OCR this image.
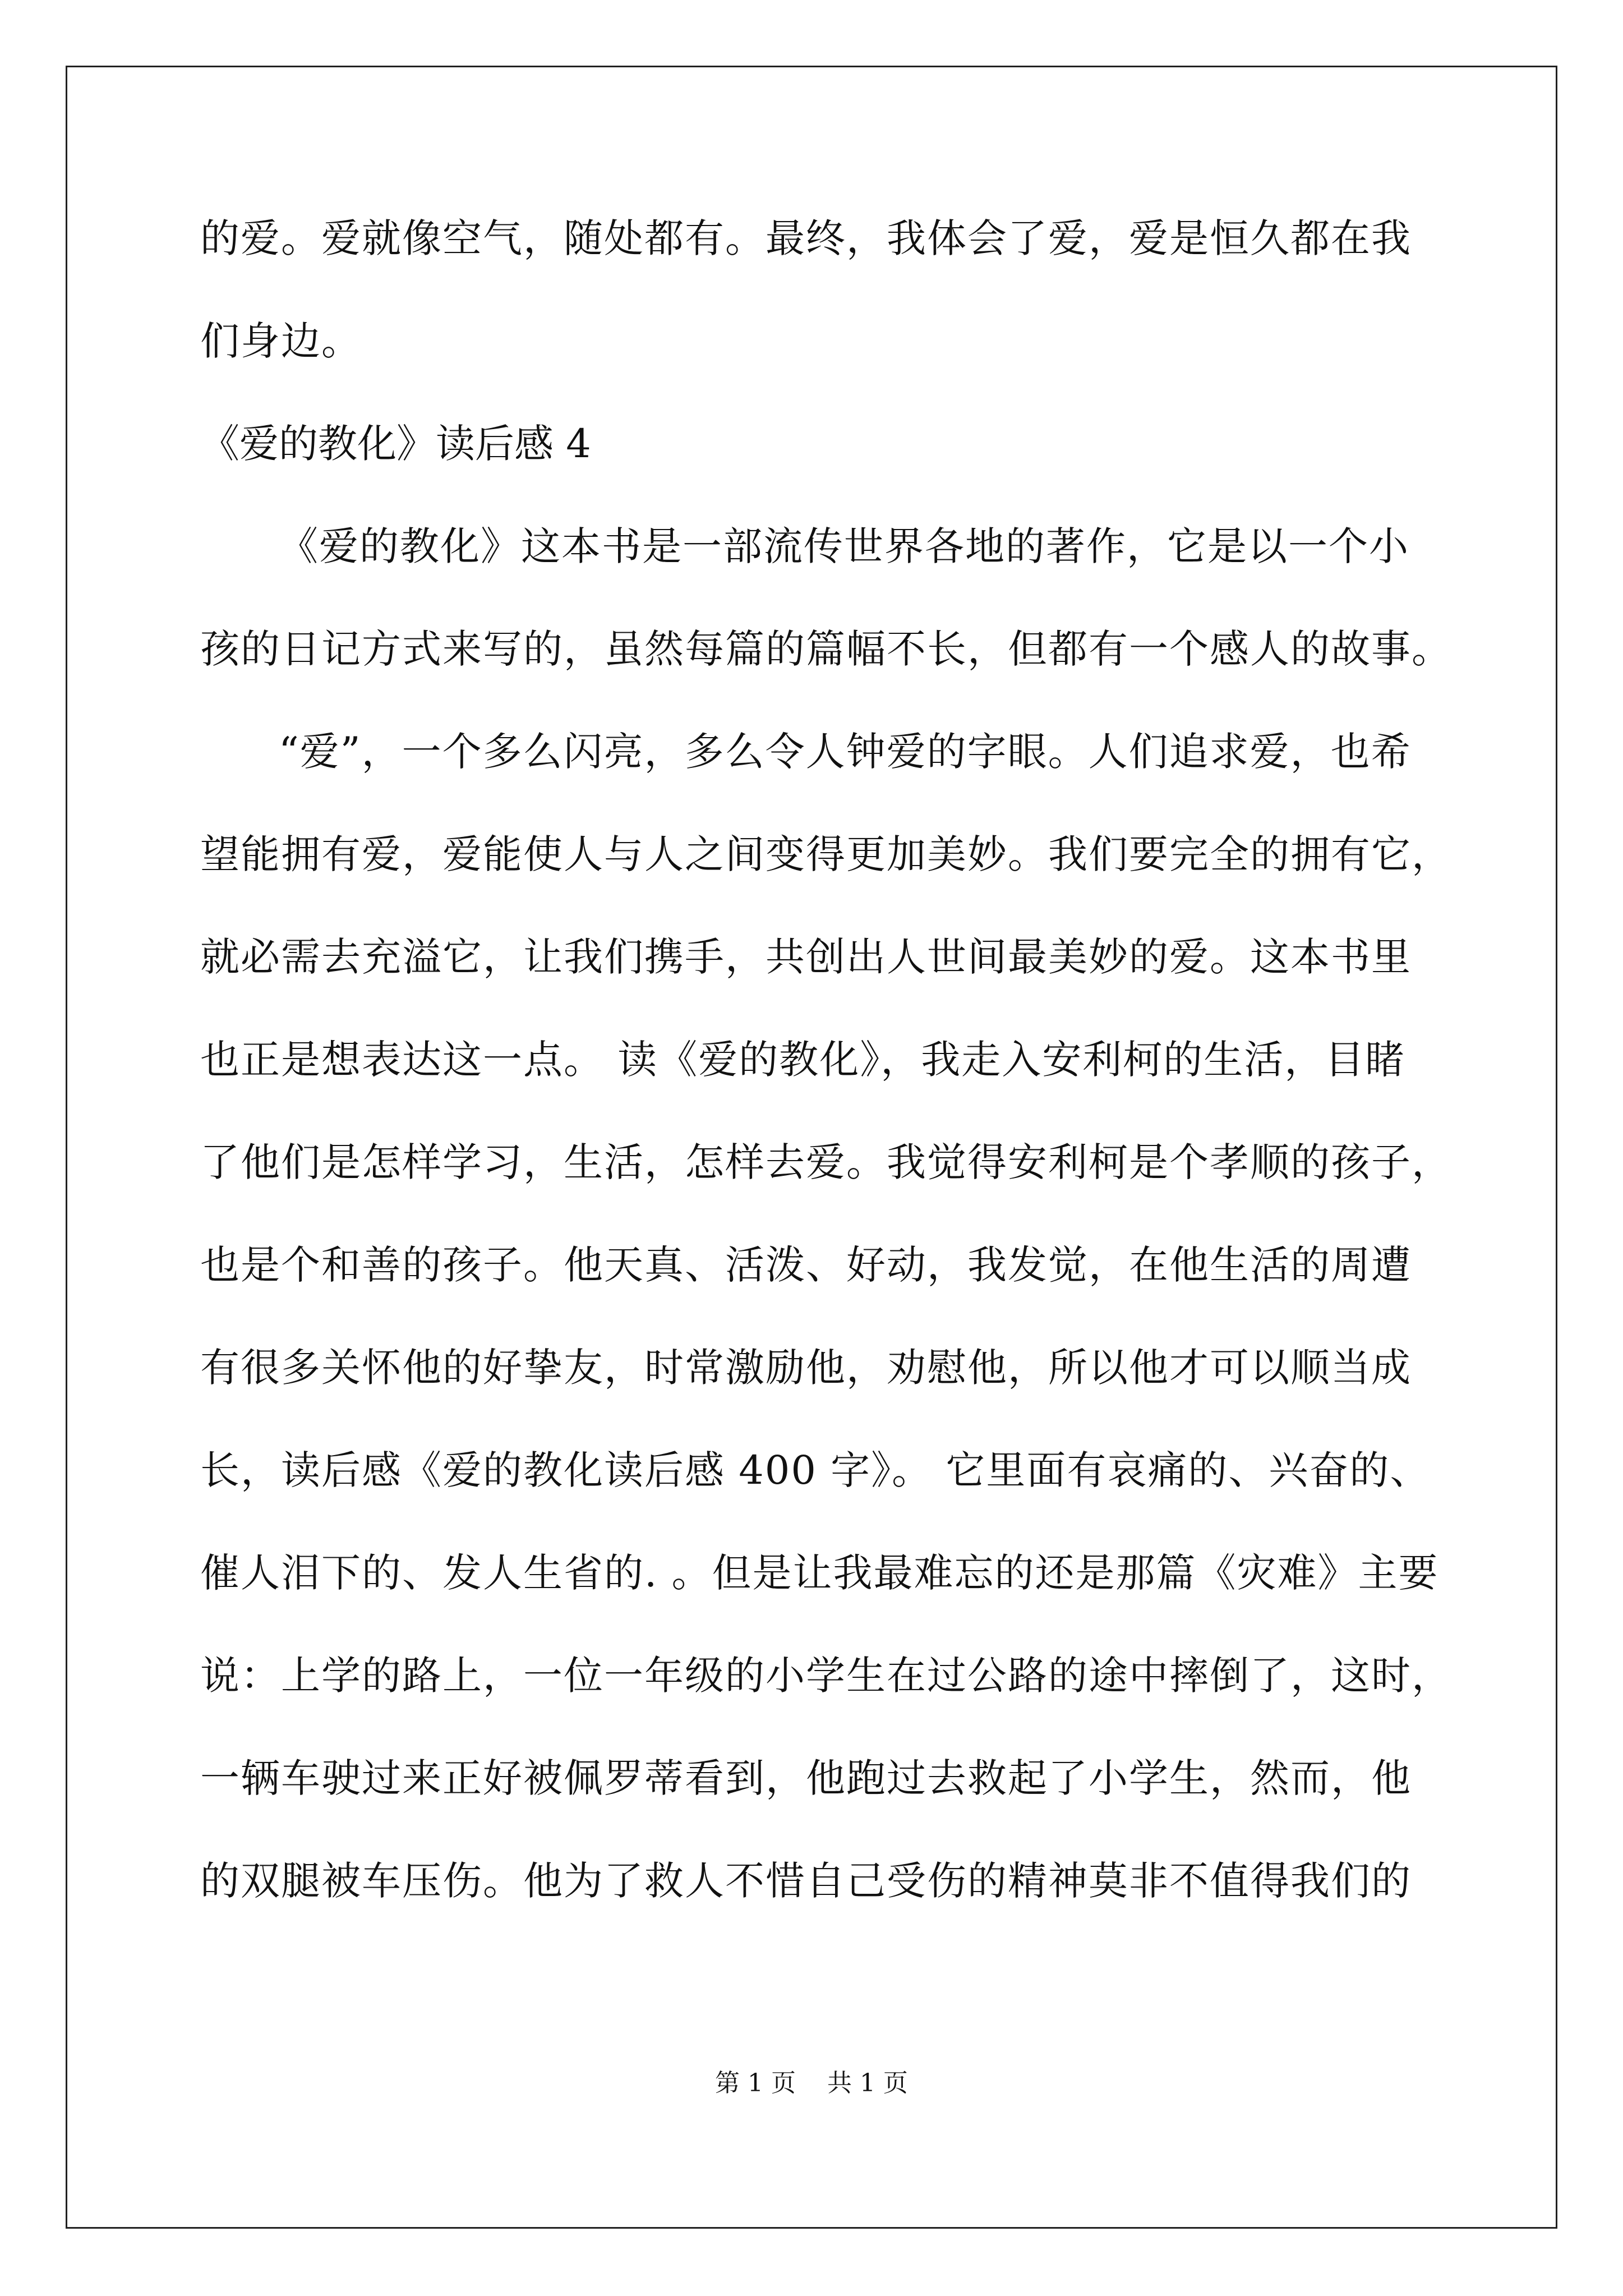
的爱。爱就像空气，随处都有。最终，我体会了爱，爱是恒久都在我
们身边。
《爱的教化》读后感 4
《爱的教化》这本书是一部流传世界各地的著作，它是以一个小
孩的日记方式来写的，虽然每篇的篇幅不长，但都有一个感人的故事。
“爱”，一个多么闪亮，多么令人钟爱的字眼。人们追求爱，也希
望能拥有爱，爱能使人与人之间变得更加美妙。我们要完全的拥有它，
就必需去充溢它，让我们携手，共创出人世间最美妙的爱。这本书里
也正是想表达这一点。 读《爱的教化》，我走入安利柯的生活，目睹
了他们是怎样学习，生活，怎样去爱。我觉得安利柯是个孝顺的孩子，
也是个和善的孩子。他天真、活泼、好动，我发觉，在他生活的周遭
有很多关怀他的好挚友，时常激励他，劝慰他，所以他才可以顺当成
长，读后感《爱的教化读后感 400 字》。 它里面有哀痛的、兴奋的、
催人泪下的、发人生省的. 。但是让我最难忘的还是那篇《灾难》主要
说：上学的路上，一位一年级的小学生在过公路的途中摔倒了，这时，
一辆车驶过来正好被佩罗蒂看到，他跑过去救起了小学生，然而，他
的双腿被车压伤。他为了救人不惜自己受伤的精神莫非不值得我们的
第 1 页    共 1 页
